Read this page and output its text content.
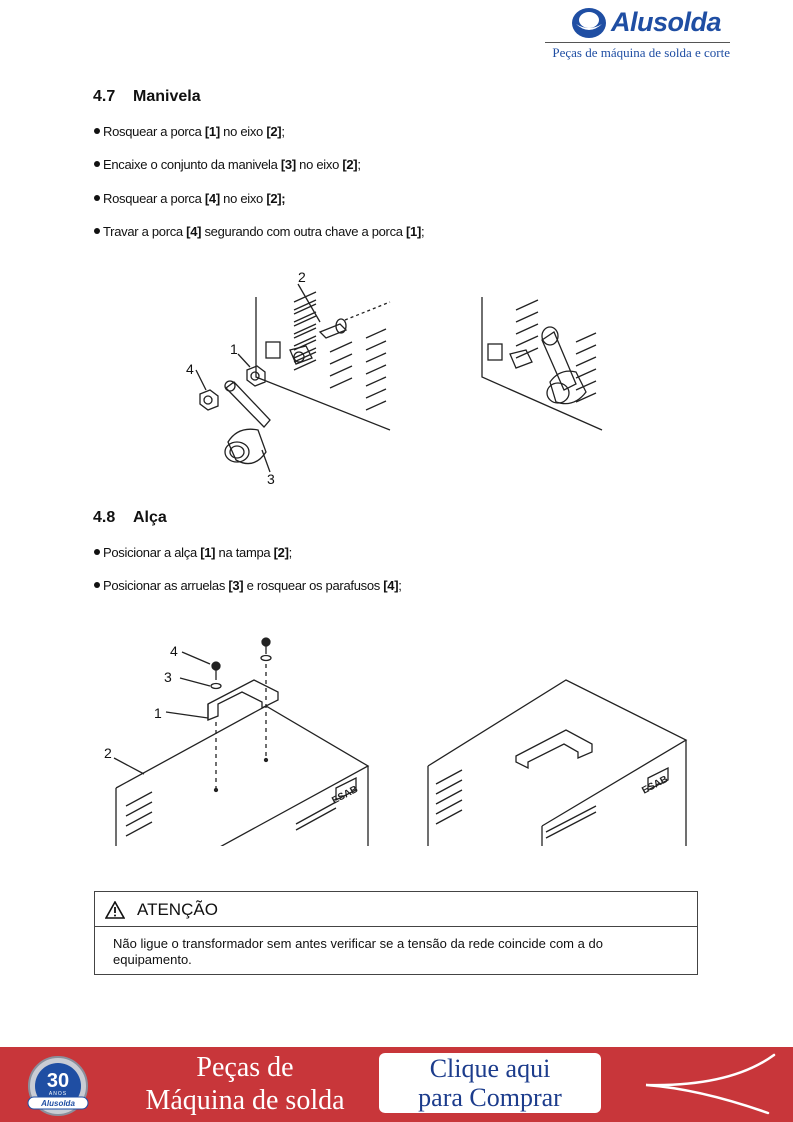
Alusolda
Peças de máquina de solda e corte
4.7 Manivela
Rosquear a porca [1] no eixo [2];
Encaixe o conjunto da manivela [3] no eixo [2];
Rosquear a porca [4] no eixo [2];
Travar a porca [4] segurando com outra chave a porca [1];
2
1
4
3
4.8 Alça
Posicionar a alça [1] na tampa [2];
Posicionar as arruelas [3] e rosquear os parafusos [4];
ESAB	ESAB
4
3
1
2
ATENÇÃO
Não ligue o transformador sem antes verificar se a tensão da rede coincide com a do equipamento.
30
ANOS
Alusolda
Peças de
Máquina de solda
Clique aqui
para Comprar
